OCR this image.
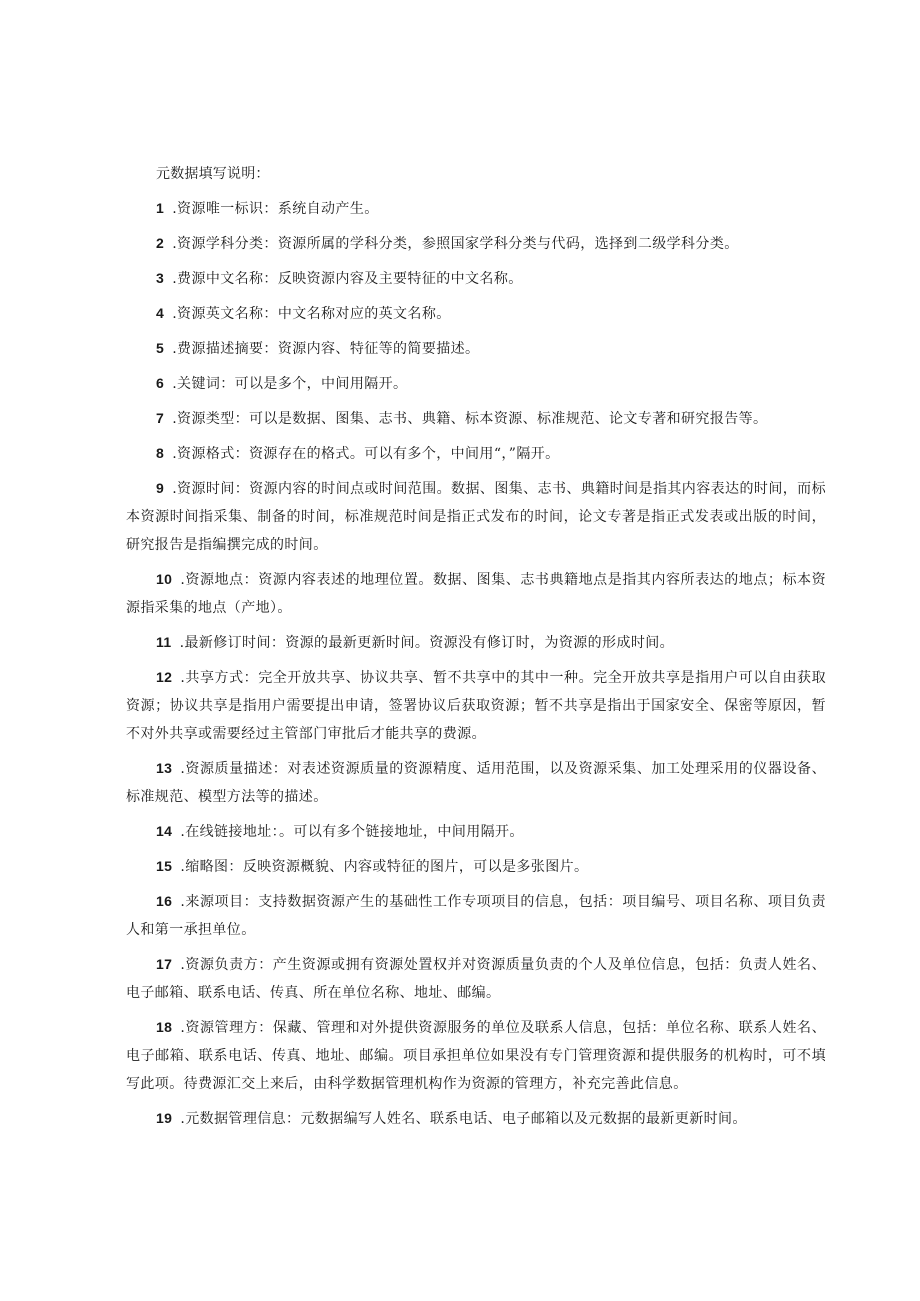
元数据填写说明：
1 .资源唯一标识：系统自动产生。
2 .资源学科分类：资源所属的学科分类，参照国家学科分类与代码，选择到二级学科分类。
3 .费源中文名称：反映资源内容及主要特征的中文名称。
4 .资源英文名称：中文名称对应的英文名称。
5 .费源描述摘要：资源内容、特征等的简要描述。
6 .关键词：可以是多个，中间用隔开。
7 .资源类型：可以是数据、图集、志书、典籍、标本资源、标准规范、论文专著和研究报告等。
8 .资源格式：资源存在的格式。可以有多个，中间用“，”隔开。
9 .资源时间：资源内容的时间点或时间范围。数据、图集、志书、典籍时间是指其内容表达的时间，而标本资源时间指采集、制备的时间，标准规范时间是指正式发布的时间，论文专著是指正式发表或出版的时间，研究报告是指编撰完成的时间。
10 .资源地点：资源内容表述的地理位置。数据、图集、志书典籍地点是指其内容所表达的地点；标本资源指采集的地点（产地）。
11 .最新修订时间：资源的最新更新时间。资源没有修订时，为资源的形成时间。
12 .共享方式：完全开放共享、协议共享、暂不共享中的其中一种。完全开放共享是指用户可以自由获取资源；协议共享是指用户需要提出申请，签署协议后获取资源；暂不共享是指出于国家安全、保密等原因，暂不对外共享或需要经过主管部门审批后才能共享的费源。
13 .资源质量描述：对表述资源质量的资源精度、适用范围，以及资源采集、加工处理采用的仪器设备、标准规范、模型方法等的描述。
14 .在线链接地址：。可以有多个链接地址，中间用隔开。
15 .缩略图：反映资源概貌、内容或特征的图片，可以是多张图片。
16 .来源项目：支持数据资源产生的基础性工作专项项目的信息，包括：项目编号、项目名称、项目负责人和第一承担单位。
17 .资源负责方：产生资源或拥有资源处置权并对资源质量负责的个人及单位信息，包括：负责人姓名、电子邮箱、联系电话、传真、所在单位名称、地址、邮编。
18 .资源管理方：保藏、管理和对外提供资源服务的单位及联系人信息，包括：单位名称、联系人姓名、电子邮箱、联系电话、传真、地址、邮编。项目承担单位如果没有专门管理资源和提供服务的机构时，可不填写此项。待费源汇交上来后，由科学数据管理机构作为资源的管理方，补充完善此信息。
19 .元数据管理信息：元数据编写人姓名、联系电话、电子邮箱以及元数据的最新更新时间。
